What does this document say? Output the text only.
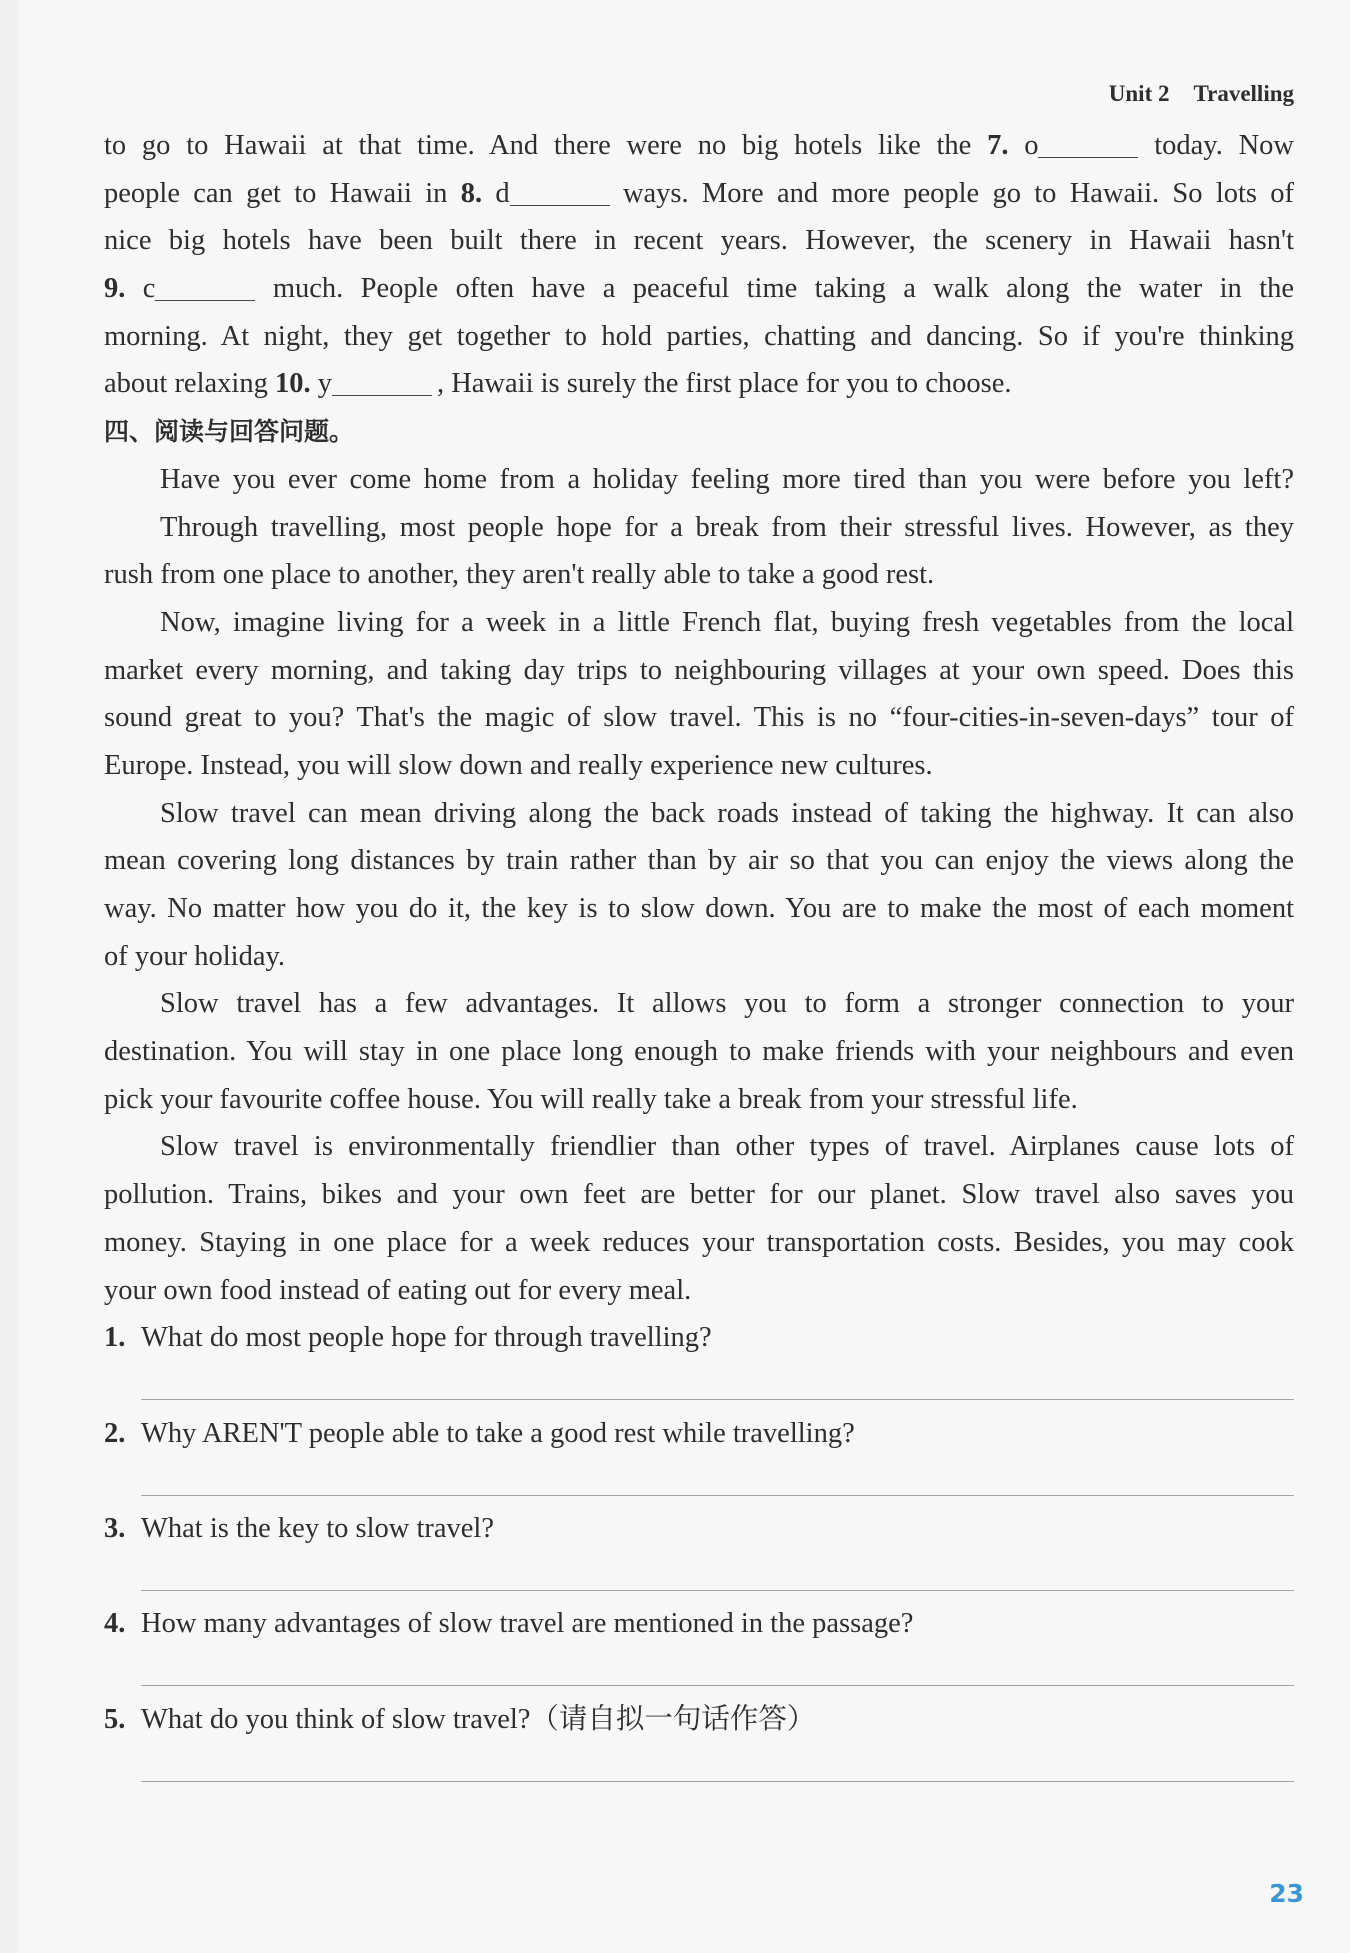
Unit 2 Travelling
to go to Hawaii at that time. And there were no big hotels like the 7. o	today. Now
people can get to Hawaii in 8. d	ways. More and more people go to Hawaii. So lots of
nice big hotels have been built there in recent years. However, the scenery in Hawaii hasn't
9. c	much. People often have a peaceful time taking a walk along the water in the
morning. At night, they get together to hold parties, chatting and dancing. So if you're thinking
about relaxing 10. y	, Hawaii is surely the first place for you to choose.
四、阅读与回答问题。
Have you ever come home from a holiday feeling more tired than you were before you left?
Through travelling, most people hope for a break from their stressful lives. However, as they
rush from one place to another, they aren't really able to take a good rest.
Now, imagine living for a week in a little French flat, buying fresh vegetables from the local
market every morning, and taking day trips to neighbouring villages at your own speed. Does this
sound great to you? That's the magic of slow travel. This is no “four-cities-in-seven-days” tour of
Europe. Instead, you will slow down and really experience new cultures.
Slow travel can mean driving along the back roads instead of taking the highway. It can also
mean covering long distances by train rather than by air so that you can enjoy the views along the
way. No matter how you do it, the key is to slow down. You are to make the most of each moment
of your holiday.
Slow travel has a few advantages. It allows you to form a stronger connection to your
destination. You will stay in one place long enough to make friends with your neighbours and even
pick your favourite coffee house. You will really take a break from your stressful life.
Slow travel is environmentally friendlier than other types of travel. Airplanes cause lots of
pollution. Trains, bikes and your own feet are better for our planet. Slow travel also saves you
money. Staying in one place for a week reduces your transportation costs. Besides, you may cook
your own food instead of eating out for every meal.
1. What do most people hope for through travelling?
2. Why AREN'T people able to take a good rest while travelling?
3. What is the key to slow travel?
4. How many advantages of slow travel are mentioned in the passage?
5. What do you think of slow travel?（请自拟一句话作答）
23
